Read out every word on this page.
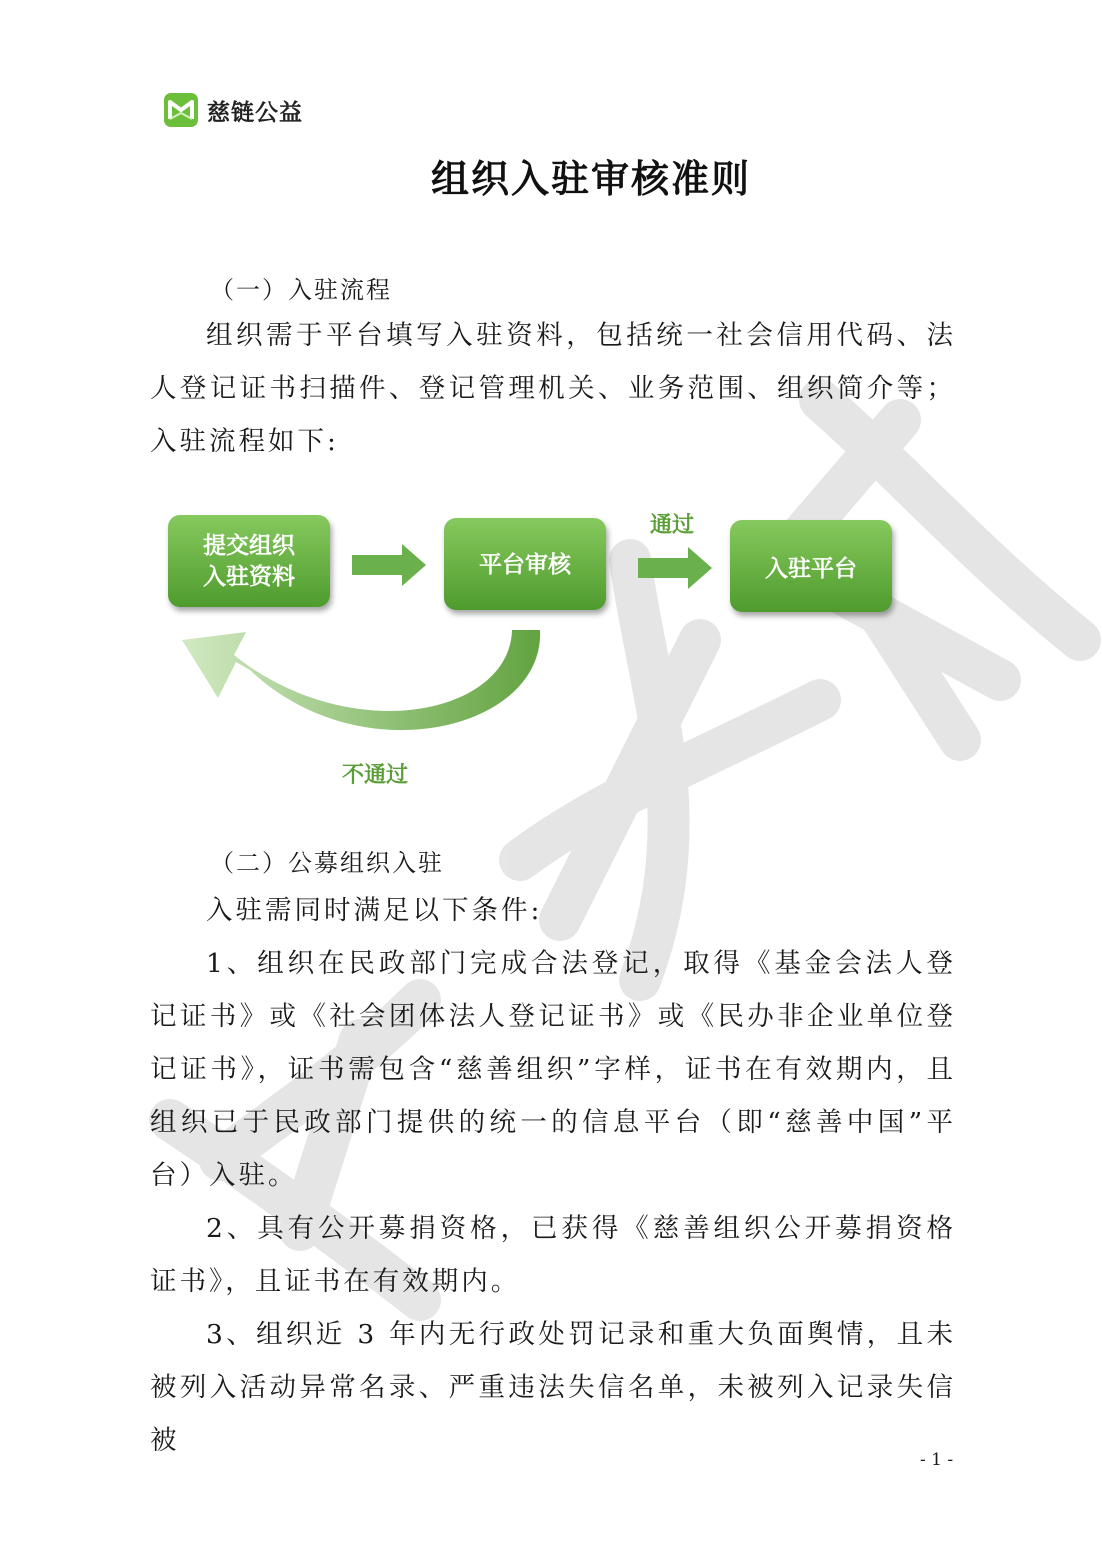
慈链公益
组织入驻审核准则
（一）入驻流程

组织需于平台填写入驻资料，包括统一社会信用代码、法人登记证书扫描件、登记管理机关、业务范围、组织简介等；入驻流程如下:

提交组织
入驻资料	平台审核
通过
入驻平台
不通过
（二）公募组织入驻

入驻需同时满足以下条件:

1、组织在民政部门完成合法登记，取得《基金会法人登记证书》或《社会团体法人登记证书》或《民办非企业单位登记证书》，证书需包含“慈善组织”字样，证书在有效期内，且组织已于民政部门提供的统一的信息平台（即“慈善中国”平台）入驻。

2、具有公开募捐资格，已获得《慈善组织公开募捐资格证书》，且证书在有效期内。

3、组织近 3 年内无行政处罚记录和重大负面舆情，且未被列入活动异常名录、严重违法失信名单，未被列入记录失信被

- 1 -
